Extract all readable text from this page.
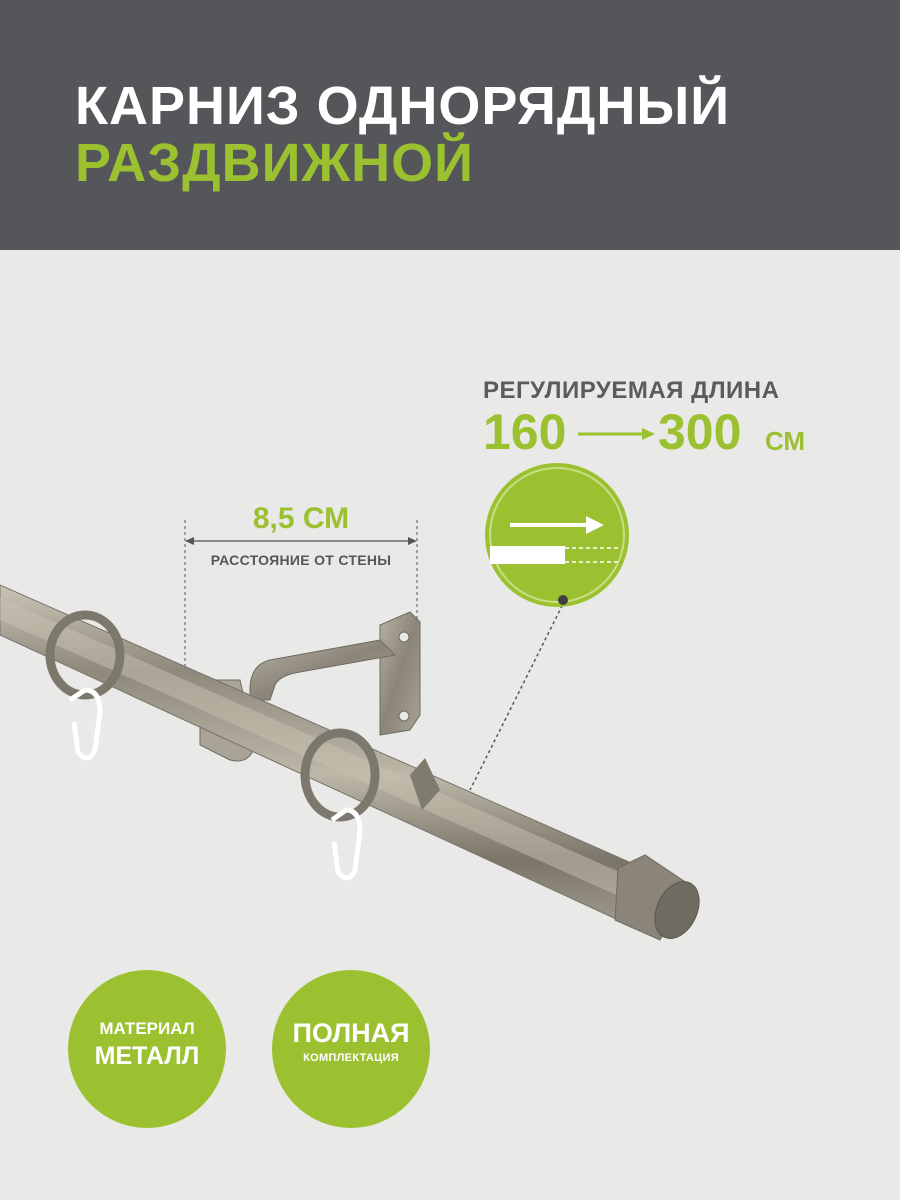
КАРНИЗ ОДНОРЯДНЫЙ
РАЗДВИЖНОЙ
РЕГУЛИРУЕМАЯ ДЛИНА
160 300 СМ
8,5 СМ
РАССТОЯНИЕ ОТ СТЕНЫ
МАТЕРИАЛ
МЕТАЛЛ
ПОЛНАЯ
КОМПЛЕКТАЦИЯ
